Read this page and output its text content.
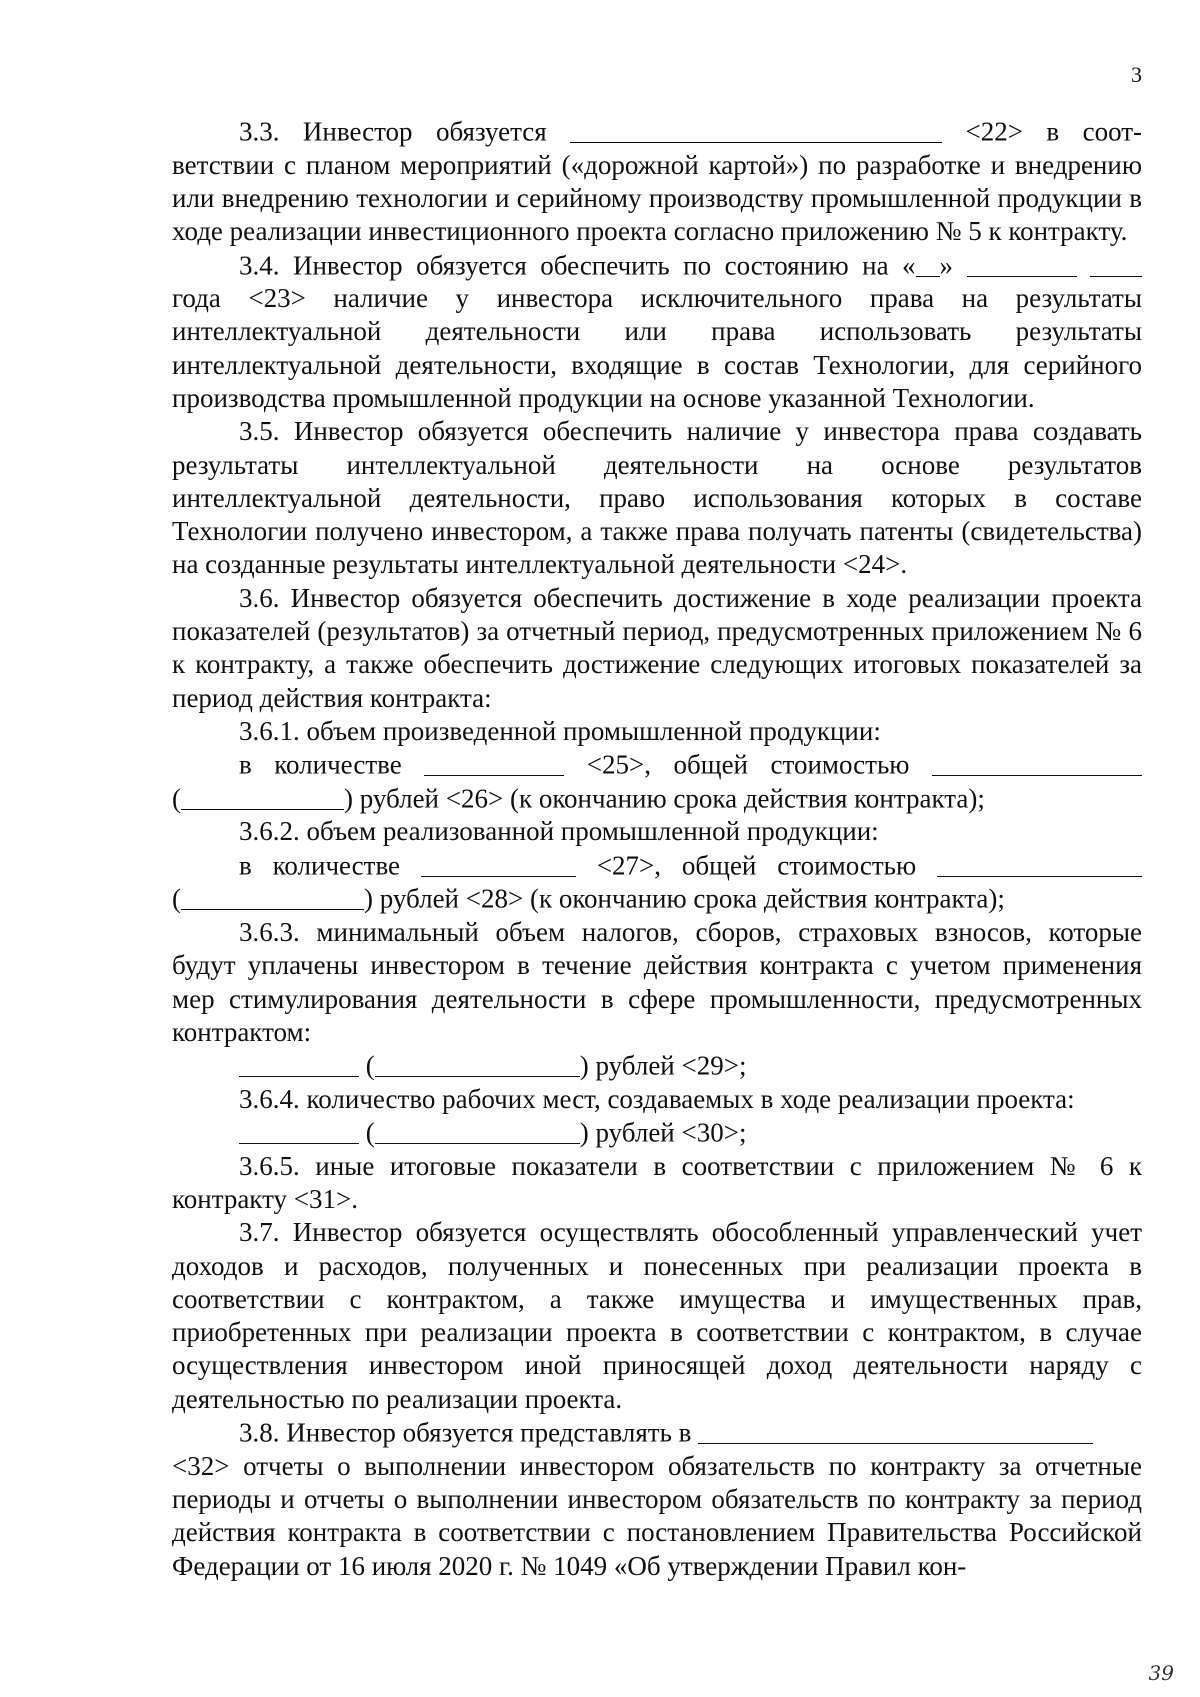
3
3.3. Инвестор обязуется	<22> в соот-

ветствии с планом мероприятий («дорожной картой») по разработке и внедрению или внедрению технологии и серийному производству промышленной продукции в ходе реализации инвестиционного проекта согласно приложению № 5 к контракту.

3.4. Инвестор обязуется обеспечить по состоянию на « »

года <23> наличие у инвестора исключительного права на результаты интеллектуальной деятельности или права использовать результаты интеллектуальной деятельности, входящие в состав Технологии, для серийного производства промышленной продукции на основе указанной Технологии.

3.5. Инвестор обязуется обеспечить наличие у инвестора права создавать результаты интеллектуальной деятельности на основе результатов интеллектуальной деятельности, право использования которых в составе Технологии получено инвестором, а также права получать патенты (свидетельства) на созданные результаты интеллектуальной деятельности <24>.

3.6. Инвестор обязуется обеспечить достижение в ходе реализации проекта показателей (результатов) за отчетный период, предусмотренных приложением № 6 к контракту, а также обеспечить достижение следующих итоговых показателей за период действия контракта:

3.6.1. объем произведенной промышленной продукции:
в количестве	<25>, общей стоимостью
(	) рублей <26> (к окончанию срока действия контракта);
3.6.2. объем реализованной промышленной продукции:
в количестве	<27>, общей стоимостью
(	) рублей <28> (к окончанию срока действия контракта);

3.6.3. минимальный объем налогов, сборов, страховых взносов, которые будут уплачены инвестором в течение действия контракта с учетом применения мер стимулирования деятельности в сфере промышленности, предусмотренных контрактом:

(	) рублей <29>;
3.6.4. количество рабочих мест, создаваемых в ходе реализации проекта:
(	) рублей <30>;

3.6.5. иные итоговые показатели в соответствии с приложением № 6 к контракту <31>.

3.7. Инвестор обязуется осуществлять обособленный управленческий учет доходов и расходов, полученных и понесенных при реализации проекта в соответствии с контрактом, а также имущества и имущественных прав, приобретенных при реализации проекта в соответствии с контрактом, в случае осуществления инвестором иной приносящей доход деятельности наряду с деятельностью по реализации проекта.

3.8. Инвестор обязуется представлять в

<32> отчеты о выполнении инвестором обязательств по контракту за отчетные периоды и отчеты о выполнении инвестором обязательств по контракту за период действия контракта в соответствии с постановлением Правительства Российской Федерации от 16 июля 2020 г. № 1049 «Об утверждении Правил кон-

39
